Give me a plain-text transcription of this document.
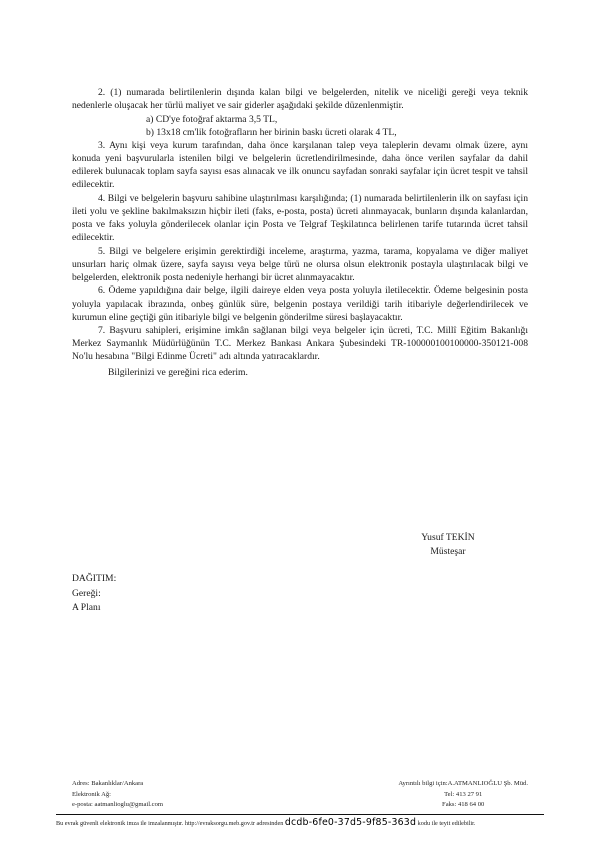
2. (1) numarada belirtilenlerin dışında kalan bilgi ve belgelerden, nitelik ve niceliği gereği veya teknik nedenlerle oluşacak her türlü maliyet ve sair giderler aşağıdaki şekilde düzenlenmiştir.

a) CD'ye fotoğraf aktarma 3,5 TL,

b) 13x18 cm'lik fotoğrafların her birinin baskı ücreti olarak 4 TL,

3. Aynı kişi veya kurum tarafından, daha önce karşılanan talep veya taleplerin devamı olmak üzere, aynı konuda yeni başvurularla istenilen bilgi ve belgelerin ücretlendirilmesinde, daha önce verilen sayfalar da dahil edilerek bulunacak toplam sayfa sayısı esas alınacak ve ilk onuncu sayfadan sonraki sayfalar için ücret tespit ve tahsil edilecektir.

4. Bilgi ve belgelerin başvuru sahibine ulaştırılması karşılığında; (1) numarada belirtilenlerin ilk on sayfası için ileti yolu ve şekline bakılmaksızın hiçbir ileti (faks, e-posta, posta) ücreti alınmayacak, bunların dışında kalanlardan, posta ve faks yoluyla gönderilecek olanlar için Posta ve Telgraf Teşkilatınca belirlenen tarife tutarında ücret tahsil edilecektir.

5. Bilgi ve belgelere erişimin gerektirdiği inceleme, araştırma, yazma, tarama, kopyalama ve diğer maliyet unsurları hariç olmak üzere, sayfa sayısı veya belge türü ne olursa olsun elektronik postayla ulaştırılacak bilgi ve belgelerden, elektronik posta nedeniyle herhangi bir ücret alınmayacaktır.

6. Ödeme yapıldığına dair belge, ilgili daireye elden veya posta yoluyla iletilecektir. Ödeme belgesinin posta yoluyla yapılacak ibrazında, onbeş günlük süre, belgenin postaya verildiği tarih itibariyle değerlendirilecek ve kurumun eline geçtiği gün itibariyle bilgi ve belgenin gönderilme süresi başlayacaktır.

7. Başvuru sahipleri, erişimine imkân sağlanan bilgi veya belgeler için ücreti, T.C. Millî Eğitim Bakanlığı Merkez Saymanlık Müdürlüğünün T.C. Merkez Bankası Ankara Şubesindeki TR-100000100100000-350121-008 No'lu hesabına "Bilgi Edinme Ücreti" adı altında yatıracaklardır.

Bilgilerinizi ve gereğini rica ederim.

Yusuf TEKİN
Müsteşar
DAĞITIM:
Gereği:
A Planı
Adres: Bakanlıklar/Ankara
Elektronik Ağ:
e-posta: aatmanlioglu@gmail.com
Ayrıntılı bilgi için:A.ATMANLIOĞLU Şb. Müd.
Tel: 413 27 91
Faks: 418 64 00
Bu evrak güvenli elektronik imza ile imzalanmıştır. http://evraksorgu.meb.gov.tr adresinden dcdb-6fe0-37d5-9f85-363d kodu ile teyit edilebilir.
